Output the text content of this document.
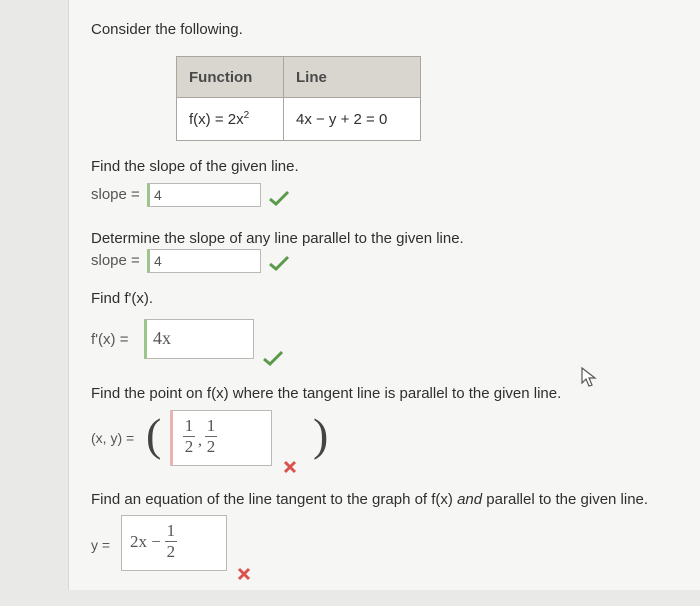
Consider the following.
Function	Line
$f(x) = 2x^2$	4x − y + 2 = 0
Find the slope of the given line.
slope = 4
Determine the slope of any line parallel to the given line.
slope = 4
Find f'(x).
f'(x) = 4x
Find the point on f(x) where the tangent line is parallel to the given line.
(x, y) = ( $\frac{1}{2}$ , $\frac{1}{2}$ )
Find an equation of the line tangent to the graph of f(x) and parallel to the given line.
$y = 2x - \frac{1}{2}$
